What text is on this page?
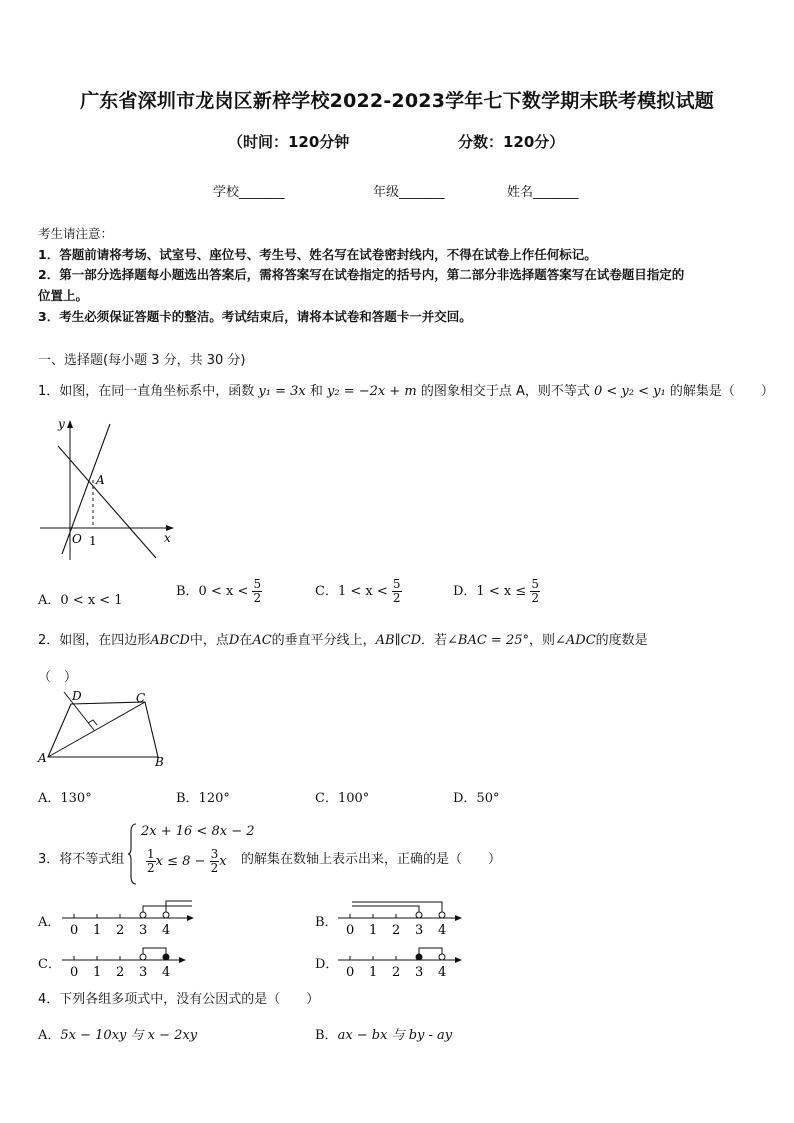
广东省深圳市龙岗区新梓学校2022-2023学年七下数学期末联考模拟试题
（时间：120分钟	分数：120分）
学校_______	年级_______	姓名_______
考生请注意：
1．答题前请将考场、试室号、座位号、考生号、姓名写在试卷密封线内，不得在试卷上作任何标记。
2．第一部分选择题每小题选出答案后，需将答案写在试卷指定的括号内，第二部分非选择题答案写在试卷题目指定的
位置上。
3．考生必须保证答题卡的整洁。考试结束后，请将本试卷和答题卡一并交回。
一、选择题(每小题 3 分，共 30 分)
1．如图，在同一直角坐标系中，函数 y₁ = 3x 和 y₂ = −2x + m 的图象相交于点 A，则不等式 0 < y₂ < y₁ 的解集是（　　）
y
x
O
A
1
A．0 < x < 1
B．$0 < x < \frac{5}{2}$	C．$1 < x < \frac{5}{2}$	D．$1 < x \le \frac{5}{2}$
2．如图，在四边形ABCD中，点D在AC的垂直平分线上，AB∥CD．若∠BAC = 25°，则∠ADC的度数是
（　）
D	C
A	B
A．130°	B．120°	C．100°	D．50°
3．将不等式组
2x + 16 < 8x − 2
$\frac{1}{2}$ $x \le 8 - \frac{3}{2}$ x 的解集在数轴上表示出来，正确的是（　　）
A．
0 1 2 3 4
B．
0 1 2 3 4
C．
0 1 2 3 4
D．
0 1 2 3 4
4．下列各组多项式中，没有公因式的是（　　）
A．5x − 10xy 与 x − 2xy	B．ax − bx 与 by - ay
